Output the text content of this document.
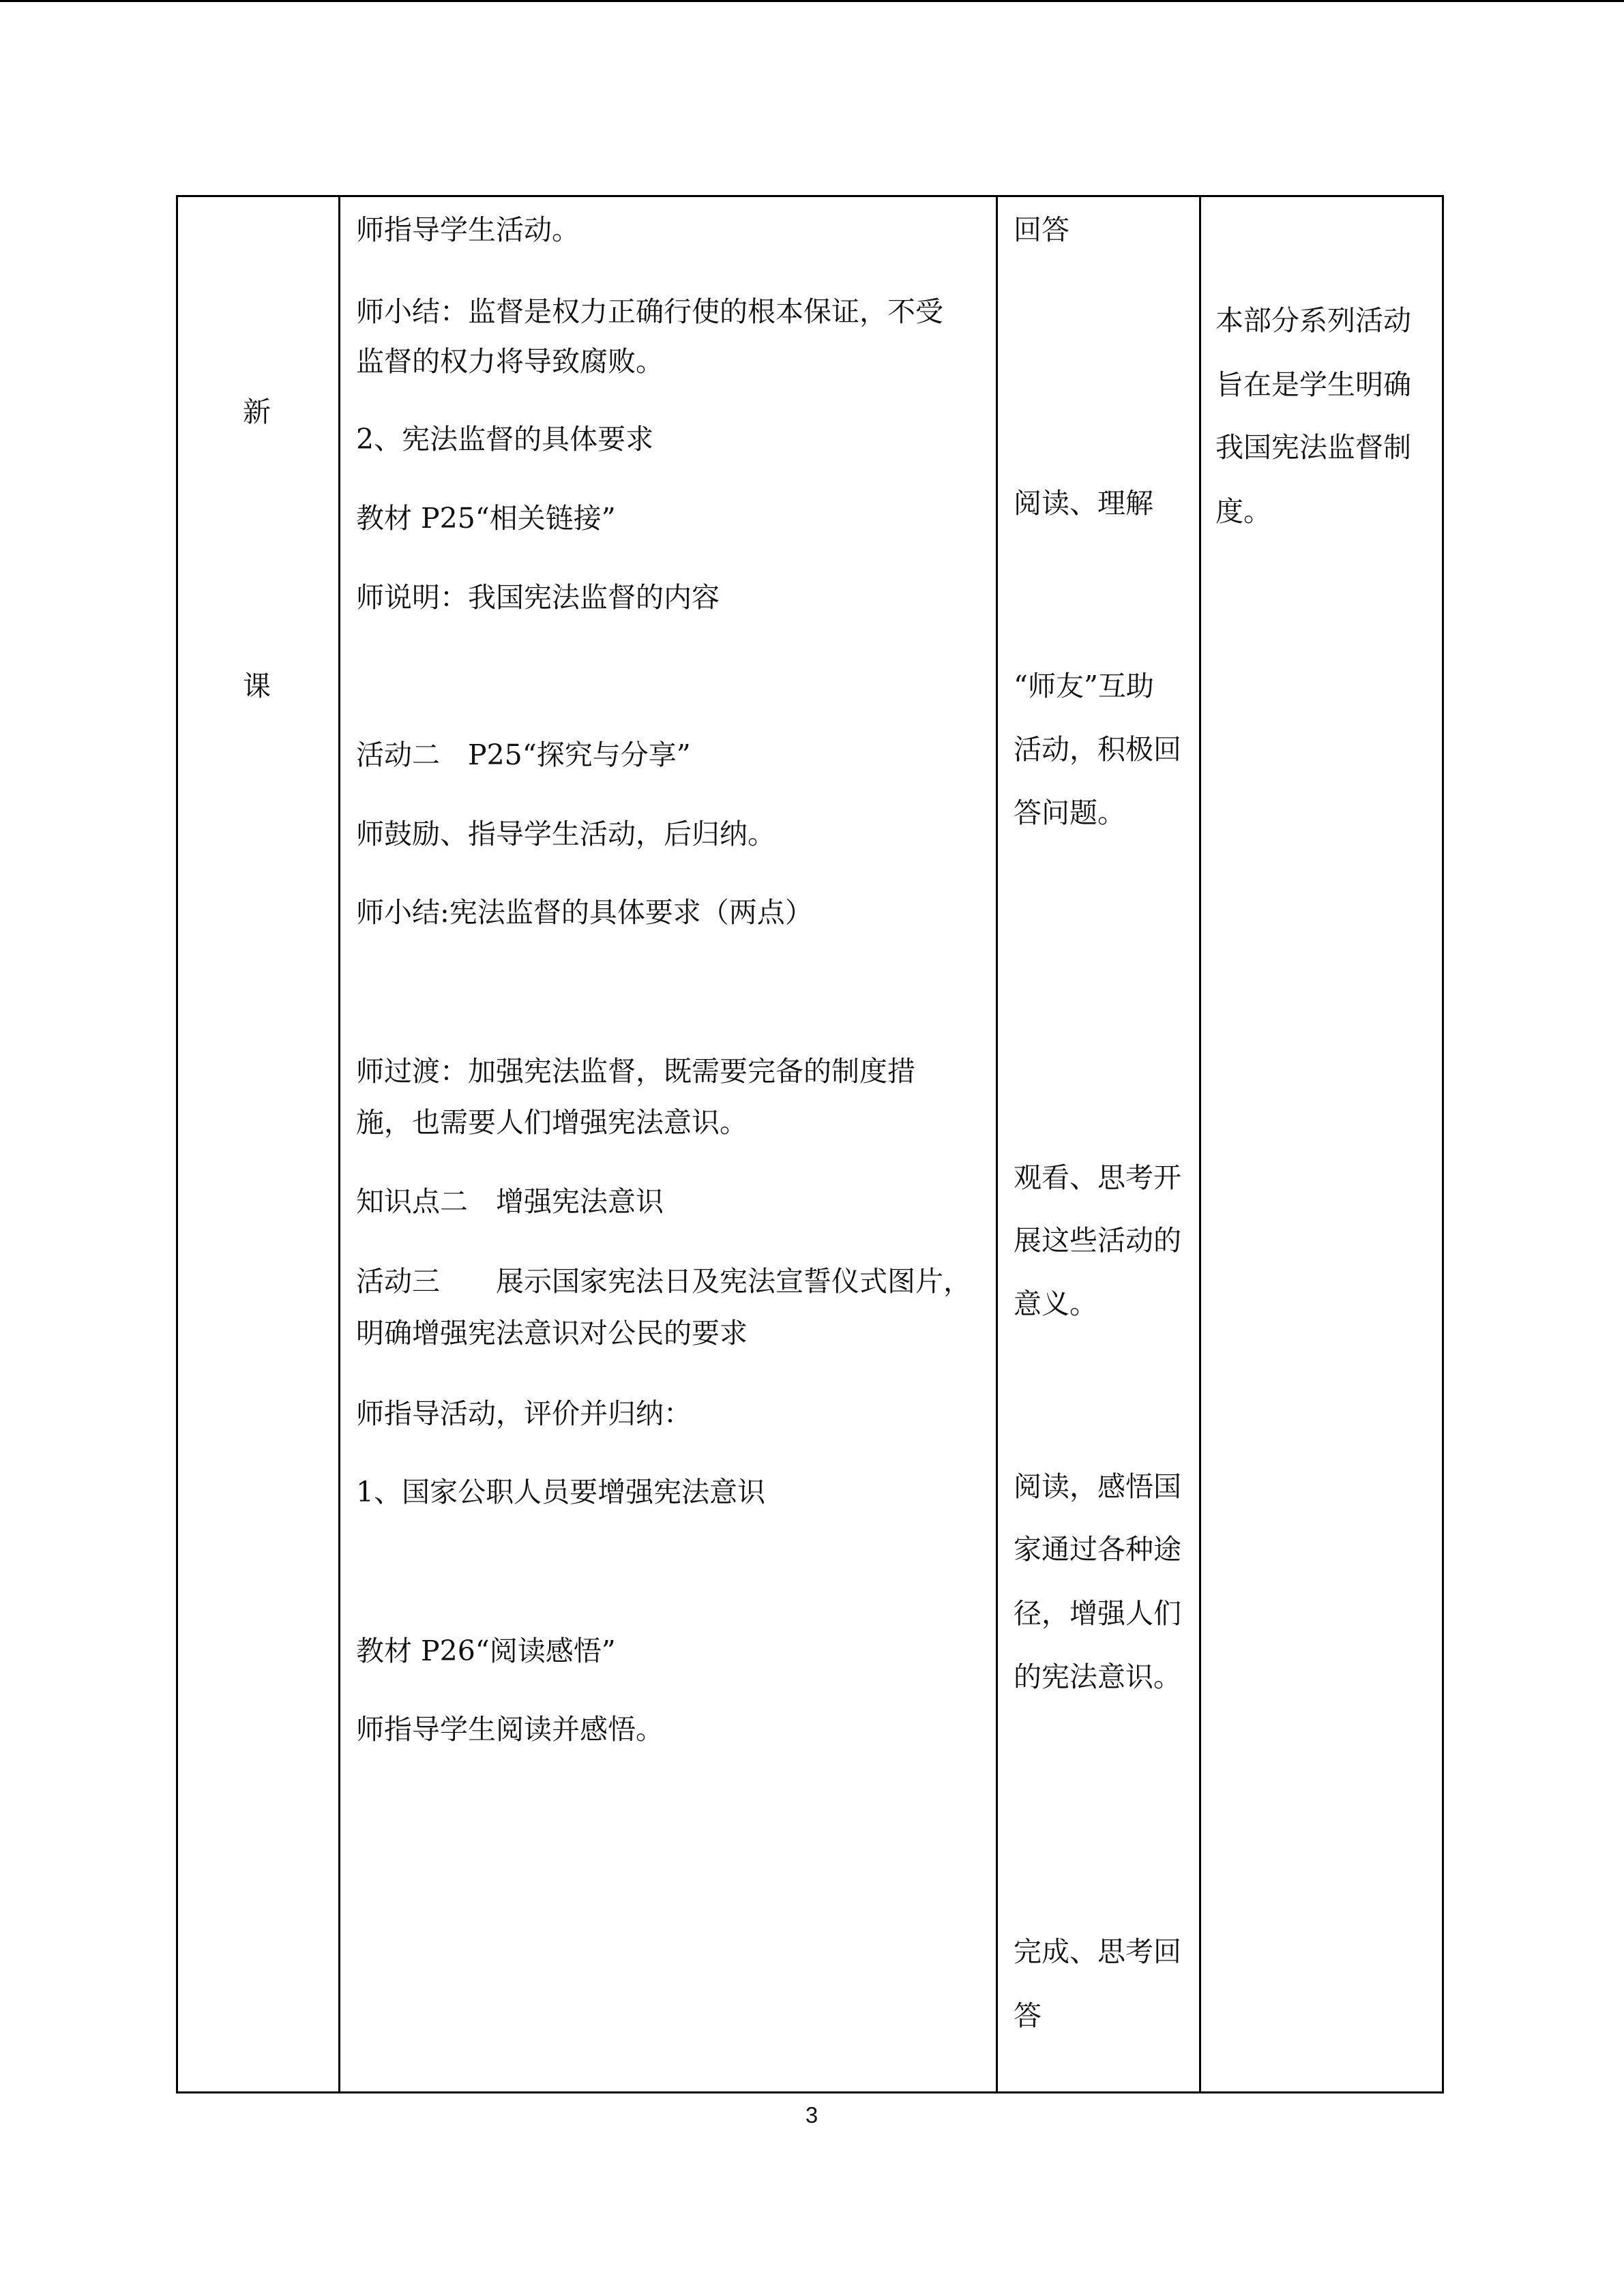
新
课
师指导学生活动。
师小结：监督是权力正确行使的根本保证，不受
监督的权力将导致腐败。
2、宪法监督的具体要求
教材 P25“相关链接”
师说明：我国宪法监督的内容
活动二　P25“探究与分享”
师鼓励、指导学生活动，后归纳。
师小结:宪法监督的具体要求（两点）
师过渡：加强宪法监督，既需要完备的制度措
施，也需要人们增强宪法意识。
知识点二　增强宪法意识
活动三　　展示国家宪法日及宪法宣誓仪式图片，
明确增强宪法意识对公民的要求
师指导活动，评价并归纳：
1、国家公职人员要增强宪法意识
教材 P26“阅读感悟”
师指导学生阅读并感悟。
回答
阅读、理解
“师友”互助
活动，积极回
答问题。
观看、思考开
展这些活动的
意义。
阅读，感悟国
家通过各种途
径，增强人们
的宪法意识。
完成、思考回
答
本部分系列活动
旨在是学生明确
我国宪法监督制
度。
3
